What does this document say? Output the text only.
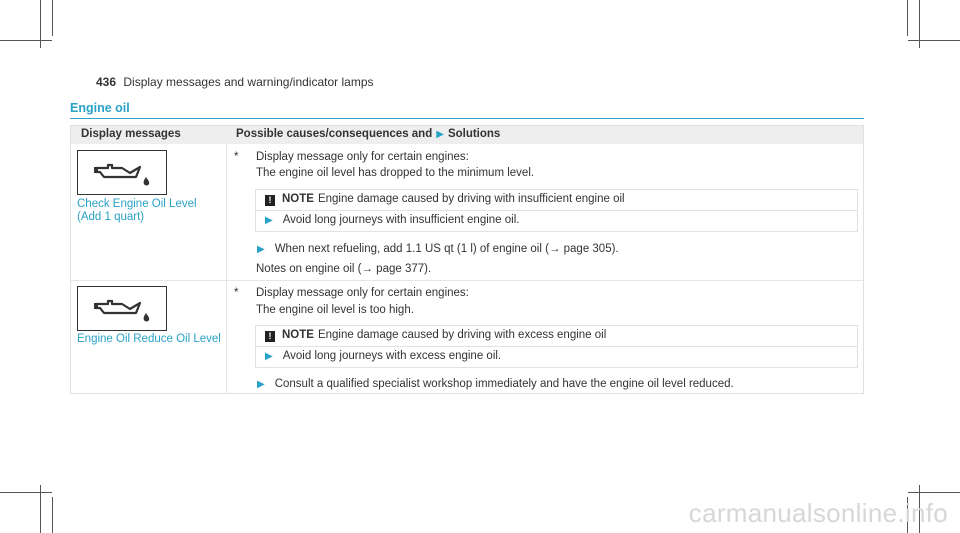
436 Display messages and warning/indicator lamps
Engine oil
Display messages	Possible causes/consequences and ▶ Solutions
Check Engine Oil Level
(Add 1 quart)
* Display message only for certain engines:
The engine oil level has dropped to the minimum level.
! NOTE Engine damage caused by driving with insufficient engine oil
▶ Avoid long journeys with insufficient engine oil.
▶ When next refueling, add 1.1 US qt (1 l) of engine oil (→ page 305).
Notes on engine oil (→ page 377).
Engine Oil Reduce Oil Level
* Display message only for certain engines:
The engine oil level is too high.
! NOTE Engine damage caused by driving with excess engine oil
▶ Avoid long journeys with excess engine oil.
▶ Consult a qualified specialist workshop immediately and have the engine oil level reduced.
carmanualsonline.info
